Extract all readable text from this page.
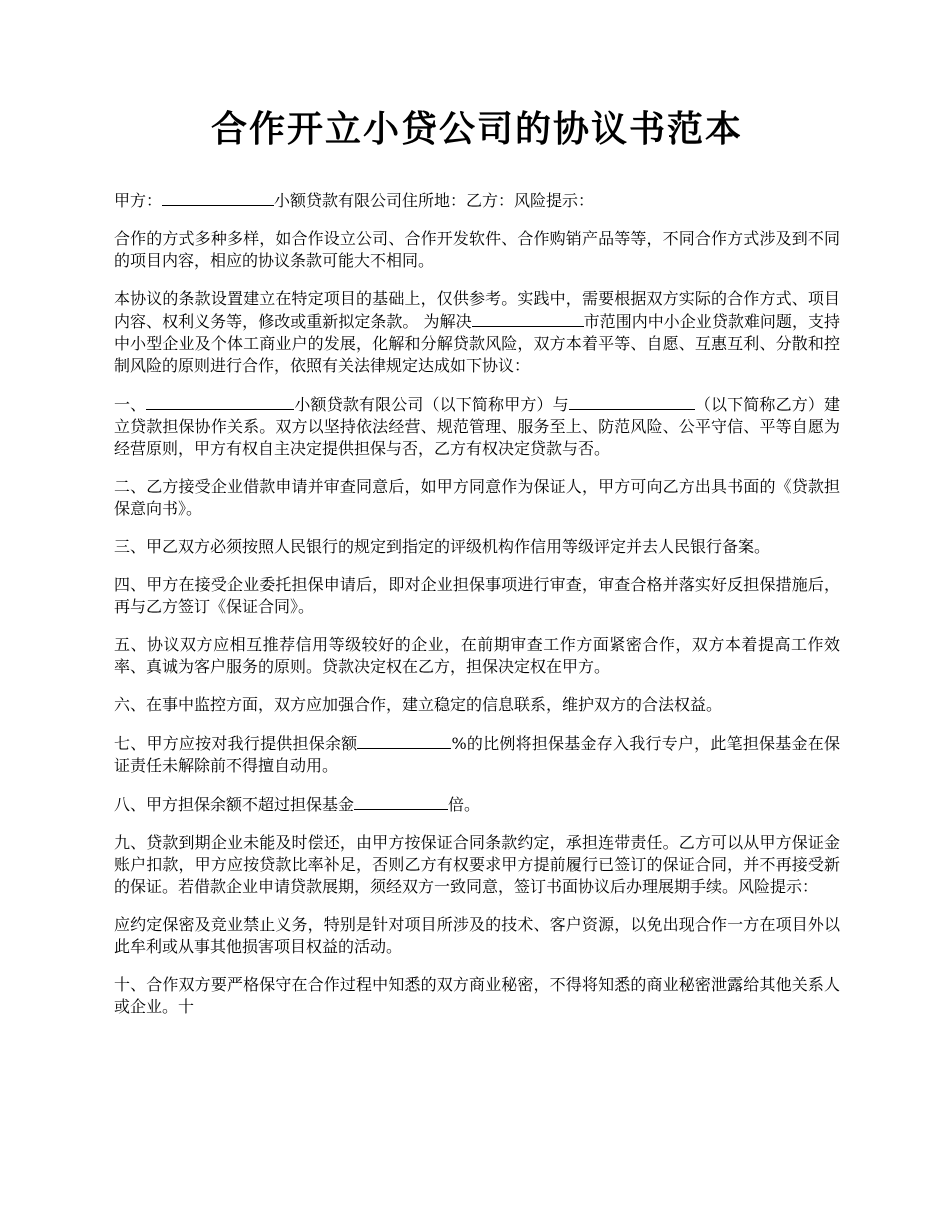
合作开立小贷公司的协议书范本

甲方：	小额贷款有限公司住所地：乙方：风险提示：

合作的方式多种多样，如合作设立公司、合作开发软件、合作购销产品等等，不同合作方式涉及到不同的项目内容，相应的协议条款可能大不相同。

本协议的条款设置建立在特定项目的基础上，仅供参考。实践中，需要根据双方实际的合作方式、项目内容、权利义务等，修改或重新拟定条款。 为解决	市范围内中小企业贷款难问题，支持中小型企业及个体工商业户的发展，化解和分解贷款风险，双方本着平等、自愿、互惠互利、分散和控制风险的原则进行合作，依照有关法律规定达成如下协议：

一、	小额贷款有限公司（以下简称甲方）与	（以下简称乙方）建立贷款担保协作关系。双方以坚持依法经营、规范管理、服务至上、防范风险、公平守信、平等自愿为经营原则，甲方有权自主决定提供担保与否，乙方有权决定贷款与否。

二、乙方接受企业借款申请并审查同意后，如甲方同意作为保证人，甲方可向乙方出具书面的《贷款担保意向书》。

三、甲乙双方必须按照人民银行的规定到指定的评级机构作信用等级评定并去人民银行备案。

四、甲方在接受企业委托担保申请后，即对企业担保事项进行审查，审查合格并落实好反担保措施后，再与乙方签订《保证合同》。

五、协议双方应相互推荐信用等级较好的企业，在前期审查工作方面紧密合作，双方本着提高工作效率、真诚为客户服务的原则。贷款决定权在乙方，担保决定权在甲方。

六、在事中监控方面，双方应加强合作，建立稳定的信息联系，维护双方的合法权益。

七、甲方应按对我行提供担保余额	%的比例将担保基金存入我行专户，此笔担保基金在保证责任未解除前不得擅自动用。

八、甲方担保余额不超过担保基金	倍。

九、贷款到期企业未能及时偿还，由甲方按保证合同条款约定，承担连带责任。乙方可以从甲方保证金账户扣款，甲方应按贷款比率补足，否则乙方有权要求甲方提前履行已签订的保证合同，并不再接受新的保证。若借款企业申请贷款展期，须经双方一致同意，签订书面协议后办理展期手续。风险提示：

应约定保密及竞业禁止义务，特别是针对项目所涉及的技术、客户资源，以免出现合作一方在项目外以此牟利或从事其他损害项目权益的活动。

十、合作双方要严格保守在合作过程中知悉的双方商业秘密，不得将知悉的商业秘密泄露给其他关系人或企业。十
